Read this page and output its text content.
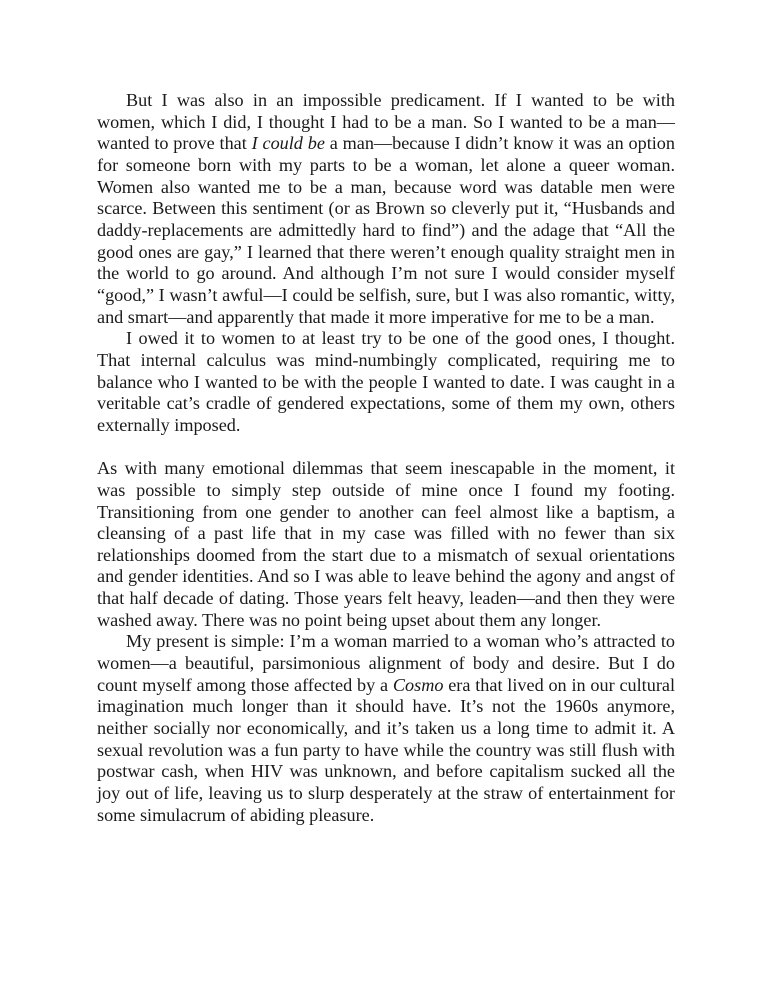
But I was also in an impossible predicament. If I wanted to be with women, which I did, I thought I had to be a man. So I wanted to be a man—wanted to prove that I could be a man—because I didn’t know it was an option for someone born with my parts to be a woman, let alone a queer woman. Women also wanted me to be a man, because word was datable men were scarce. Between this sentiment (or as Brown so cleverly put it, “Husbands and daddy-replacements are admittedly hard to find”) and the adage that “All the good ones are gay,” I learned that there weren’t enough quality straight men in the world to go around. And although I’m not sure I would consider myself “good,” I wasn’t awful—I could be selfish, sure, but I was also romantic, witty, and smart—and apparently that made it more imperative for me to be a man.

I owed it to women to at least try to be one of the good ones, I thought. That internal calculus was mind-numbingly complicated, requiring me to balance who I wanted to be with the people I wanted to date. I was caught in a veritable cat’s cradle of gendered expectations, some of them my own, others externally imposed.

As with many emotional dilemmas that seem inescapable in the moment, it was possible to simply step outside of mine once I found my footing. Transitioning from one gender to another can feel almost like a baptism, a cleansing of a past life that in my case was filled with no fewer than six relationships doomed from the start due to a mismatch of sexual orientations and gender identities. And so I was able to leave behind the agony and angst of that half decade of dating. Those years felt heavy, leaden—and then they were washed away. There was no point being upset about them any longer.

My present is simple: I’m a woman married to a woman who’s attracted to women—a beautiful, parsimonious alignment of body and desire. But I do count myself among those affected by a Cosmo era that lived on in our cultural imagination much longer than it should have. It’s not the 1960s anymore, neither socially nor economically, and it’s taken us a long time to admit it. A sexual revolution was a fun party to have while the country was still flush with postwar cash, when HIV was unknown, and before capitalism sucked all the joy out of life, leaving us to slurp desperately at the straw of entertainment for some simulacrum of abiding pleasure.
